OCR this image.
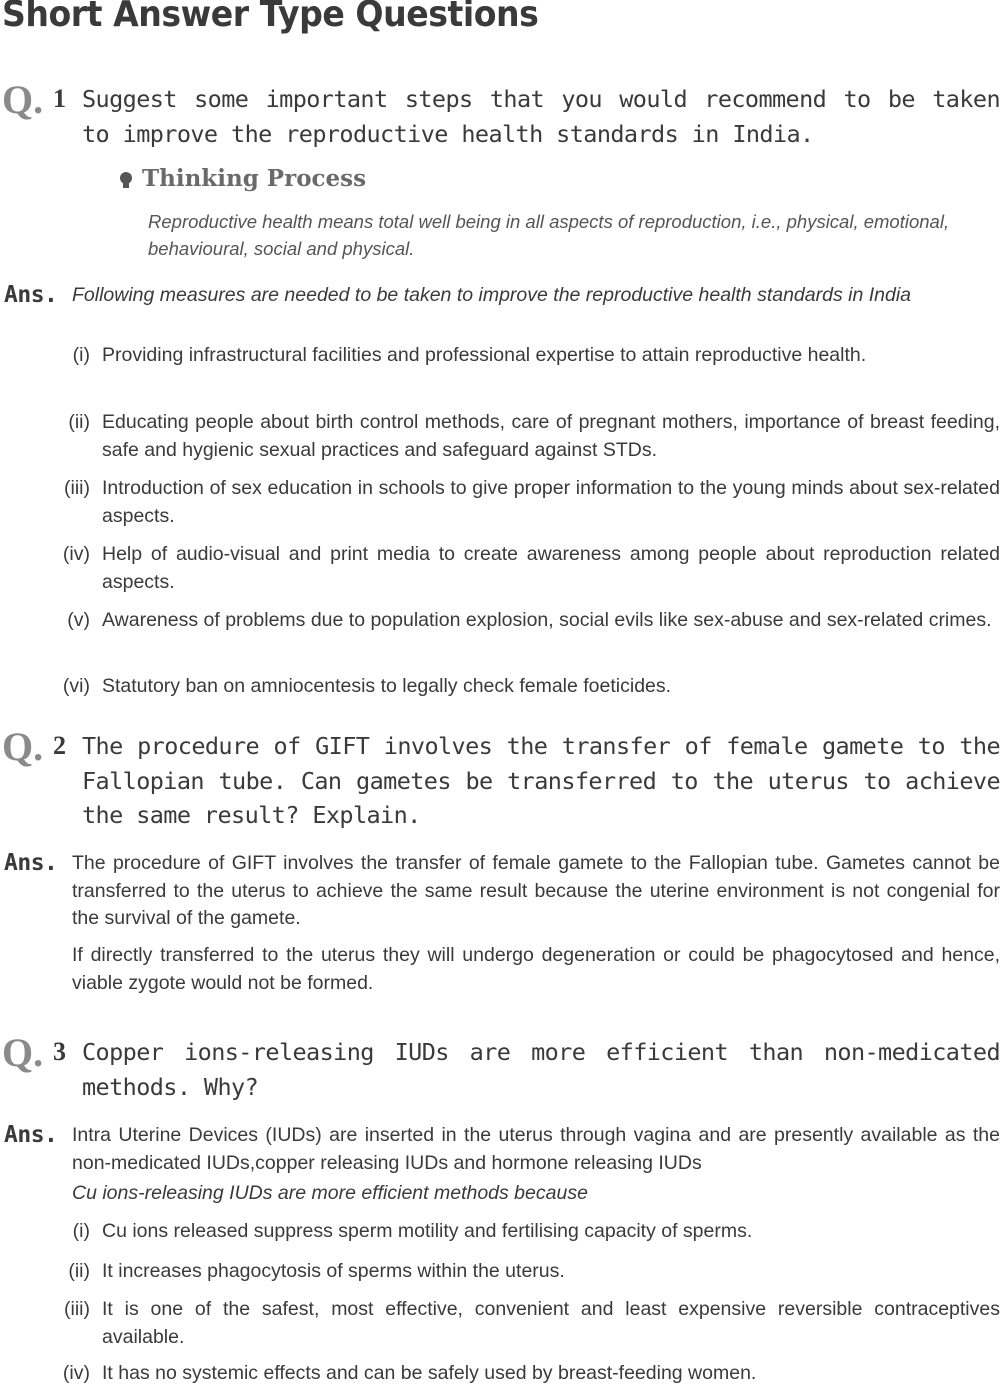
Short Answer Type Questions
Q. 1 Suggest some important steps that you would recommend to be taken to improve the reproductive health standards in India.
Thinking Process
Reproductive health means total well being in all aspects of reproduction, i.e., physical, emotional, behavioural, social and physical.
Ans. Following measures are needed to be taken to improve the reproductive health standards in India
(i) Providing infrastructural facilities and professional expertise to attain reproductive health.
(ii) Educating people about birth control methods, care of pregnant mothers, importance of breast feeding, safe and hygienic sexual practices and safeguard against STDs.
(iii) Introduction of sex education in schools to give proper information to the young minds about sex-related aspects.
(iv) Help of audio-visual and print media to create awareness among people about reproduction related aspects.
(v) Awareness of problems due to population explosion, social evils like sex-abuse and sex-related crimes.
(vi) Statutory ban on amniocentesis to legally check female foeticides.
Q. 2 The procedure of GIFT involves the transfer of female gamete to the Fallopian tube. Can gametes be transferred to the uterus to achieve the same result? Explain.
Ans. The procedure of GIFT involves the transfer of female gamete to the Fallopian tube. Gametes cannot be transferred to the uterus to achieve the same result because the uterine environment is not congenial for the survival of the gamete.
If directly transferred to the uterus they will undergo degeneration or could be phagocytosed and hence, viable zygote would not be formed.
Q. 3 Copper ions-releasing IUDs are more efficient than non-medicated methods. Why?
Ans. Intra Uterine Devices (IUDs) are inserted in the uterus through vagina and are presently available as the non-medicated IUDs,copper releasing IUDs and hormone releasing IUDs
Cu ions-releasing IUDs are more efficient methods because
(i) Cu ions released suppress sperm motility and fertilising capacity of sperms.
(ii) It increases phagocytosis of sperms within the uterus.
(iii) It is one of the safest, most effective, convenient and least expensive reversible contraceptives available.
(iv) It has no systemic effects and can be safely used by breast-feeding women.
